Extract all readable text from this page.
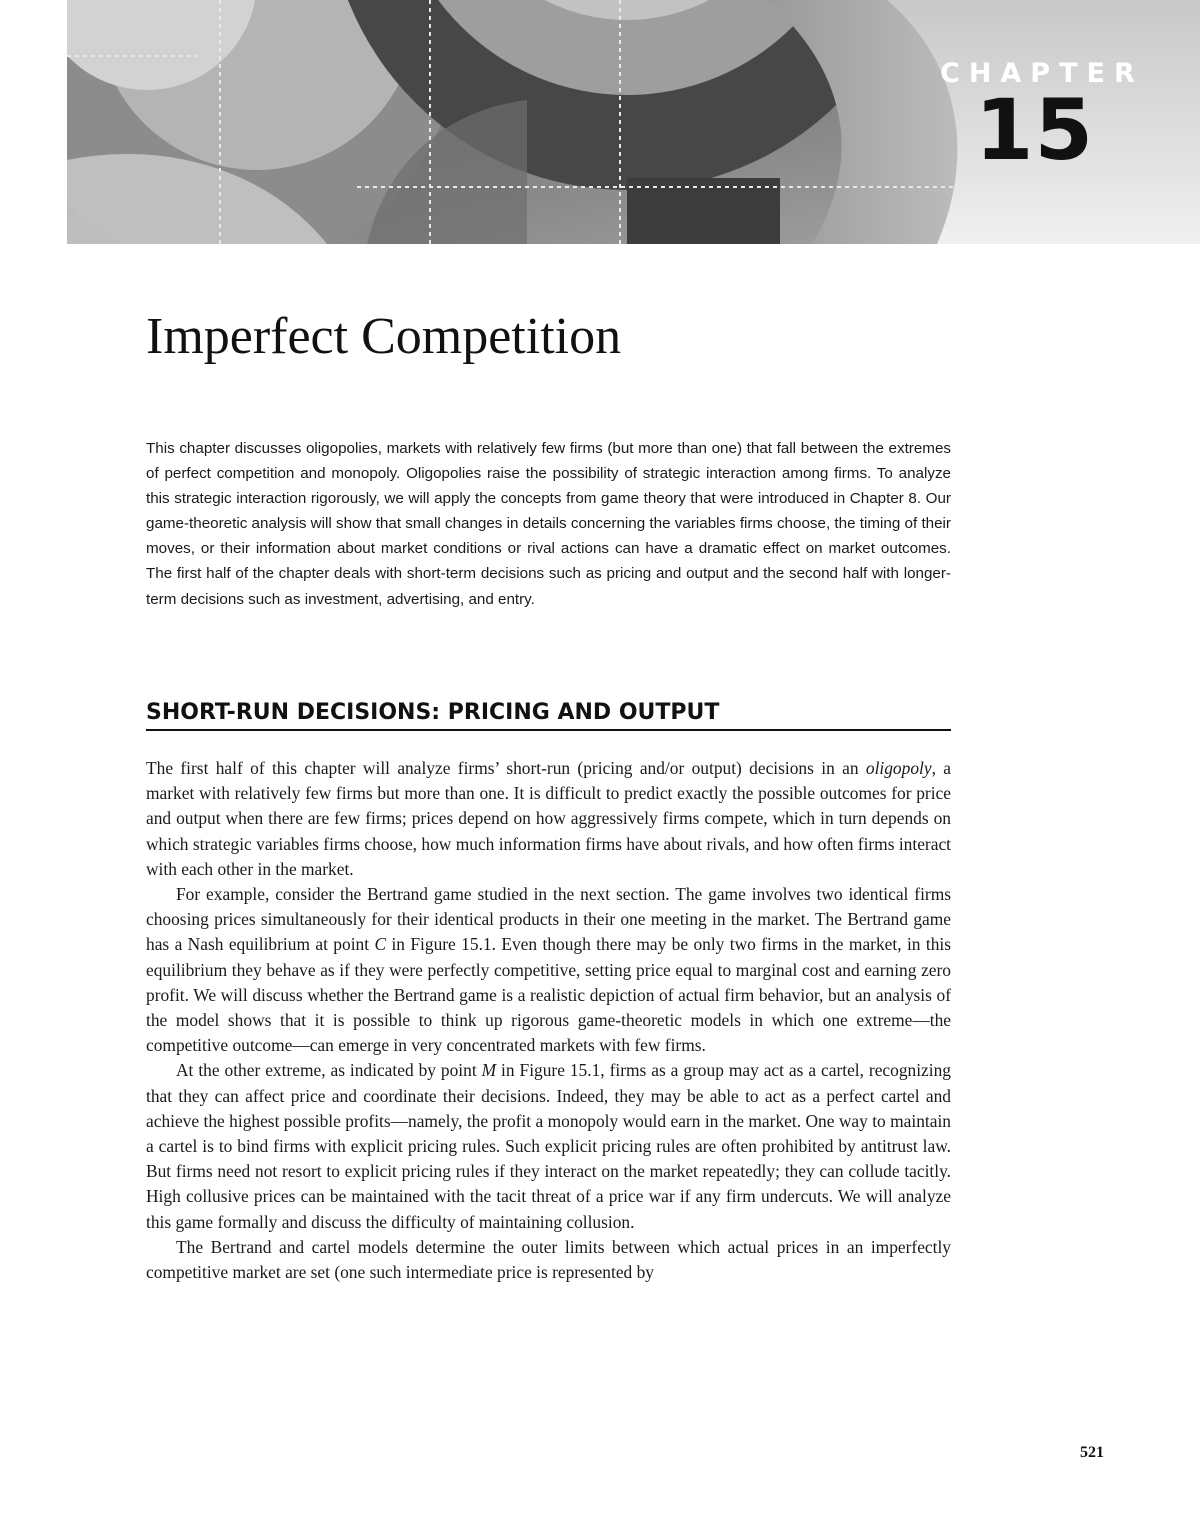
CHAPTER
15
Imperfect Competition

This chapter discusses oligopolies, markets with relatively few firms (but more than one) that fall between the extremes of perfect competition and monopoly. Oligopolies raise the possibility of strategic interaction among firms. To analyze this strategic interaction rigorously, we will apply the concepts from game theory that were introduced in Chapter 8. Our game-theoretic analysis will show that small changes in details concerning the variables firms choose, the timing of their moves, or their information about market conditions or rival actions can have a dramatic effect on market outcomes. The first half of the chapter deals with short-term decisions such as pricing and output and the second half with longer-term decisions such as investment, advertising, and entry.

SHORT-RUN DECISIONS: PRICING AND OUTPUT

The first half of this chapter will analyze firms’ short-run (pricing and/or output) decisions in an oligopoly, a market with relatively few firms but more than one. It is difficult to predict exactly the possible outcomes for price and output when there are few firms; prices depend on how aggressively firms compete, which in turn depends on which strategic variables firms choose, how much information firms have about rivals, and how often firms interact with each other in the market.

For example, consider the Bertrand game studied in the next section. The game involves two identical firms choosing prices simultaneously for their identical products in their one meeting in the market. The Bertrand game has a Nash equilibrium at point C in Figure 15.1. Even though there may be only two firms in the market, in this equilibrium they behave as if they were perfectly competitive, setting price equal to marginal cost and earning zero profit. We will discuss whether the Bertrand game is a realistic depiction of actual firm behavior, but an analysis of the model shows that it is possible to think up rigorous game-theoretic models in which one extreme—the competitive outcome—can emerge in very concentrated markets with few firms.

At the other extreme, as indicated by point M in Figure 15.1, firms as a group may act as a cartel, recognizing that they can affect price and coordinate their decisions. Indeed, they may be able to act as a perfect cartel and achieve the highest possible profits—namely, the profit a monopoly would earn in the market. One way to maintain a cartel is to bind firms with explicit pricing rules. Such explicit pricing rules are often prohibited by antitrust law. But firms need not resort to explicit pricing rules if they interact on the market repeatedly; they can collude tacitly. High collusive prices can be maintained with the tacit threat of a price war if any firm undercuts. We will analyze this game formally and discuss the difficulty of maintaining collusion.

The Bertrand and cartel models determine the outer limits between which actual prices in an imperfectly competitive market are set (one such intermediate price is represented by

521
